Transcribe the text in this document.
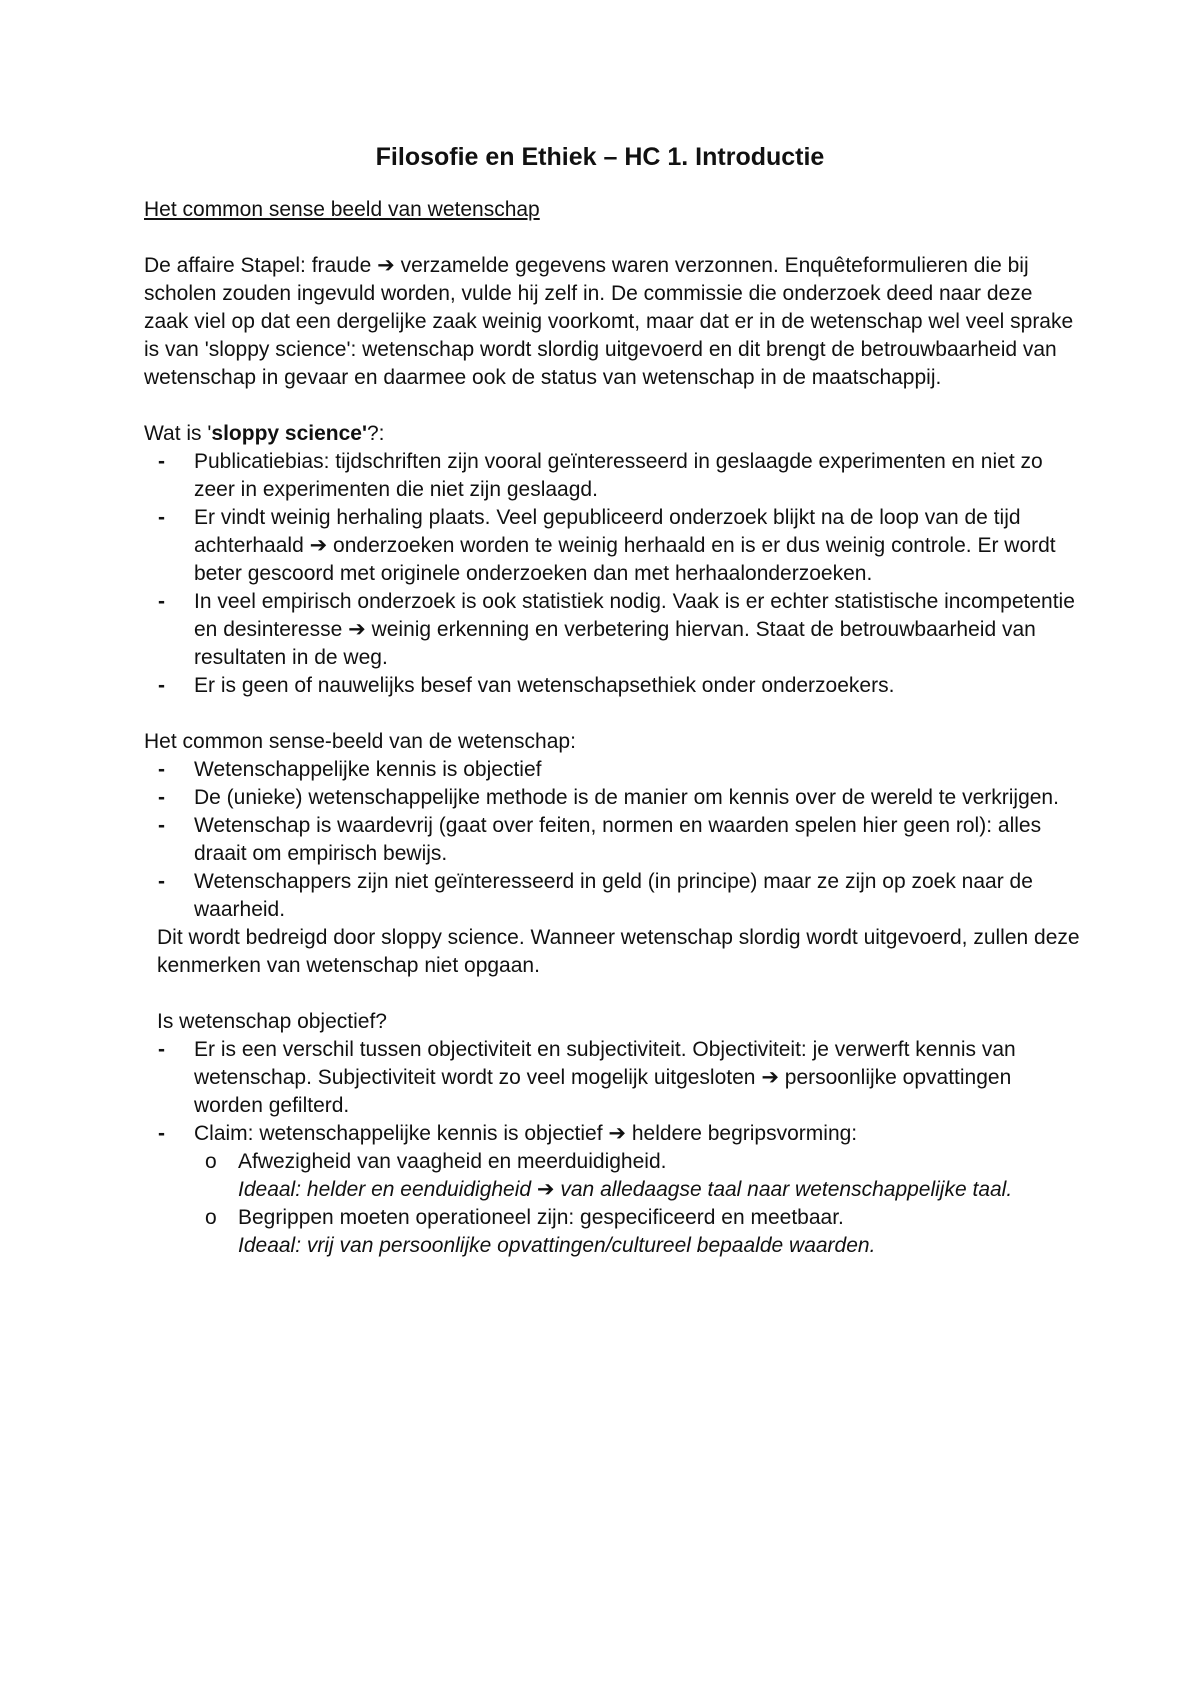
Filosofie en Ethiek – HC 1. Introductie

Het common sense beeld van wetenschap

De affaire Stapel: fraude ➔ verzamelde gegevens waren verzonnen. Enquêteformulieren die bij scholen zouden ingevuld worden, vulde hij zelf in. De commissie die onderzoek deed naar deze zaak viel op dat een dergelijke zaak weinig voorkomt, maar dat er in de wetenschap wel veel sprake is van 'sloppy science': wetenschap wordt slordig uitgevoerd en dit brengt de betrouwbaarheid van wetenschap in gevaar en daarmee ook de status van wetenschap in de maatschappij.

Wat is 'sloppy science'?:

- Publicatiebias: tijdschriften zijn vooral geïnteresseerd in geslaagde experimenten en niet zo zeer in experimenten die niet zijn geslaagd.
- Er vindt weinig herhaling plaats. Veel gepubliceerd onderzoek blijkt na de loop van de tijd achterhaald ➔ onderzoeken worden te weinig herhaald en is er dus weinig controle. Er wordt beter gescoord met originele onderzoeken dan met herhaalonderzoeken.
- In veel empirisch onderzoek is ook statistiek nodig. Vaak is er echter statistische incompetentie en desinteresse ➔ weinig erkenning en verbetering hiervan. Staat de betrouwbaarheid van resultaten in de weg.
- Er is geen of nauwelijks besef van wetenschapsethiek onder onderzoekers.

Het common sense-beeld van de wetenschap:

- Wetenschappelijke kennis is objectief
- De (unieke) wetenschappelijke methode is de manier om kennis over de wereld te verkrijgen.
- Wetenschap is waardevrij (gaat over feiten, normen en waarden spelen hier geen rol): alles draait om empirisch bewijs.
- Wetenschappers zijn niet geïnteresseerd in geld (in principe) maar ze zijn op zoek naar de waarheid.

Dit wordt bedreigd door sloppy science. Wanneer wetenschap slordig wordt uitgevoerd, zullen deze kenmerken van wetenschap niet opgaan.

Is wetenschap objectief?

- Er is een verschil tussen objectiviteit en subjectiviteit. Objectiviteit: je verwerft kennis van wetenschap. Subjectiviteit wordt zo veel mogelijk uitgesloten ➔ persoonlijke opvattingen worden gefilterd.
- Claim: wetenschappelijke kennis is objectief ➔ heldere begripsvorming:
o Afwezigheid van vaagheid en meerduidigheid.
Ideaal: helder en eenduidigheid ➔ van alledaagse taal naar wetenschappelijke taal.
o Begrippen moeten operationeel zijn: gespecificeerd en meetbaar.
Ideaal: vrij van persoonlijke opvattingen/cultureel bepaalde waarden.
